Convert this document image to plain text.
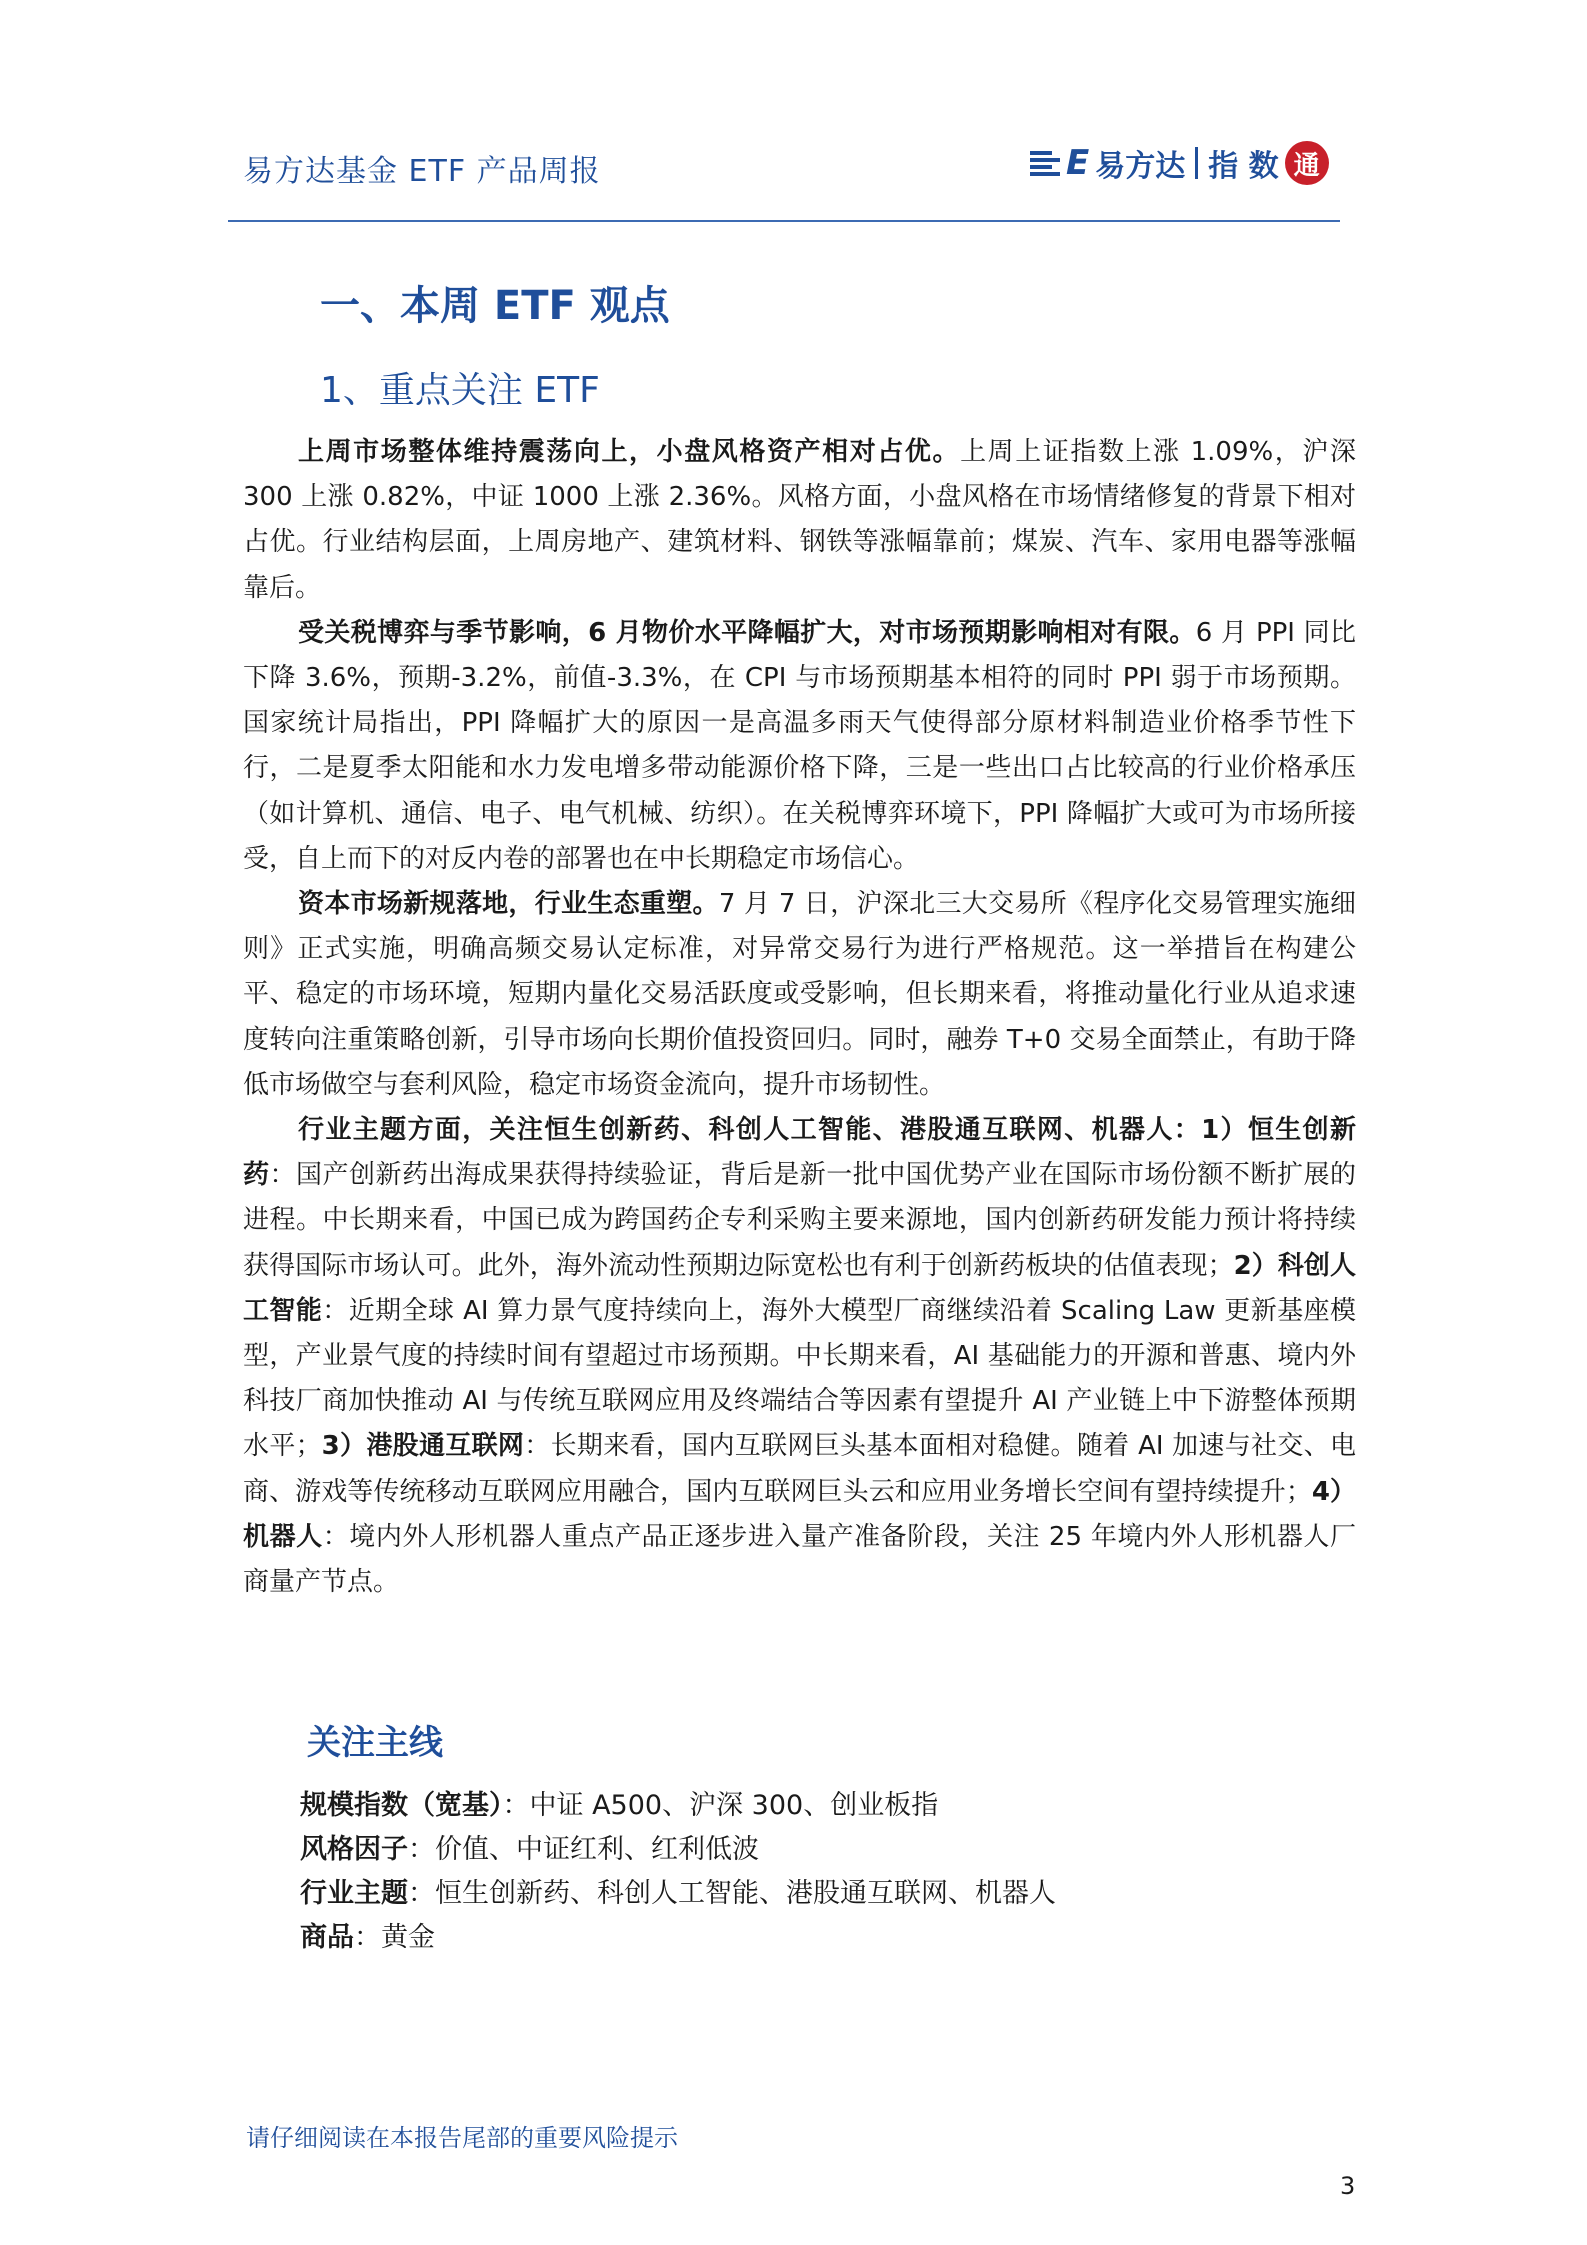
易方达基金 ETF 产品周报	E 易方达 指 数 通
一、本周 ETF 观点
1、重点关注 ETF

上周市场整体维持震荡向上，小盘风格资产相对占优。上周上证指数上涨 1.09%，沪深 300 上涨 0.82%，中证 1000 上涨 2.36%。风格方面，小盘风格在市场情绪修复的背景下相对占优。行业结构层面，上周房地产、建筑材料、钢铁等涨幅靠前；煤炭、汽车、家用电器等涨幅靠后。

受关税博弈与季节影响，6 月物价水平降幅扩大，对市场预期影响相对有限。6 月 PPI 同比下降 3.6%，预期-3.2%，前值-3.3%，在 CPI 与市场预期基本相符的同时 PPI 弱于市场预期。国家统计局指出，PPI 降幅扩大的原因一是高温多雨天气使得部分原材料制造业价格季节性下行，二是夏季太阳能和水力发电增多带动能源价格下降，三是一些出口占比较高的行业价格承压（如计算机、通信、电子、电气机械、纺织）。在关税博弈环境下，PPI 降幅扩大或可为市场所接受，自上而下的对反内卷的部署也在中长期稳定市场信心。

资本市场新规落地，行业生态重塑。7 月 7 日，沪深北三大交易所《程序化交易管理实施细则》正式实施，明确高频交易认定标准，对异常交易行为进行严格规范。这一举措旨在构建公平、稳定的市场环境，短期内量化交易活跃度或受影响，但长期来看，将推动量化行业从追求速度转向注重策略创新，引导市场向长期价值投资回归。同时，融券 T+0 交易全面禁止，有助于降低市场做空与套利风险，稳定市场资金流向，提升市场韧性。

行业主题方面，关注恒生创新药、科创人工智能、港股通互联网、机器人：1）恒生创新药：国产创新药出海成果获得持续验证，背后是新一批中国优势产业在国际市场份额不断扩展的进程。中长期来看，中国已成为跨国药企专利采购主要来源地，国内创新药研发能力预计将持续获得国际市场认可。此外，海外流动性预期边际宽松也有利于创新药板块的估值表现；2）科创人工智能：近期全球 AI 算力景气度持续向上，海外大模型厂商继续沿着 Scaling Law 更新基座模型，产业景气度的持续时间有望超过市场预期。中长期来看，AI 基础能力的开源和普惠、境内外科技厂商加快推动 AI 与传统互联网应用及终端结合等因素有望提升 AI 产业链上中下游整体预期水平；3）港股通互联网：长期来看，国内互联网巨头基本面相对稳健。随着 AI 加速与社交、电商、游戏等传统移动互联网应用融合，国内互联网巨头云和应用业务增长空间有望持续提升；4）机器人：境内外人形机器人重点产品正逐步进入量产准备阶段，关注 25 年境内外人形机器人厂商量产节点。

关注主线
规模指数（宽基）：中证 A500、沪深 300、创业板指
风格因子：价值、中证红利、红利低波
行业主题：恒生创新药、科创人工智能、港股通互联网、机器人
商品：黄金
请仔细阅读在本报告尾部的重要风险提示
3
